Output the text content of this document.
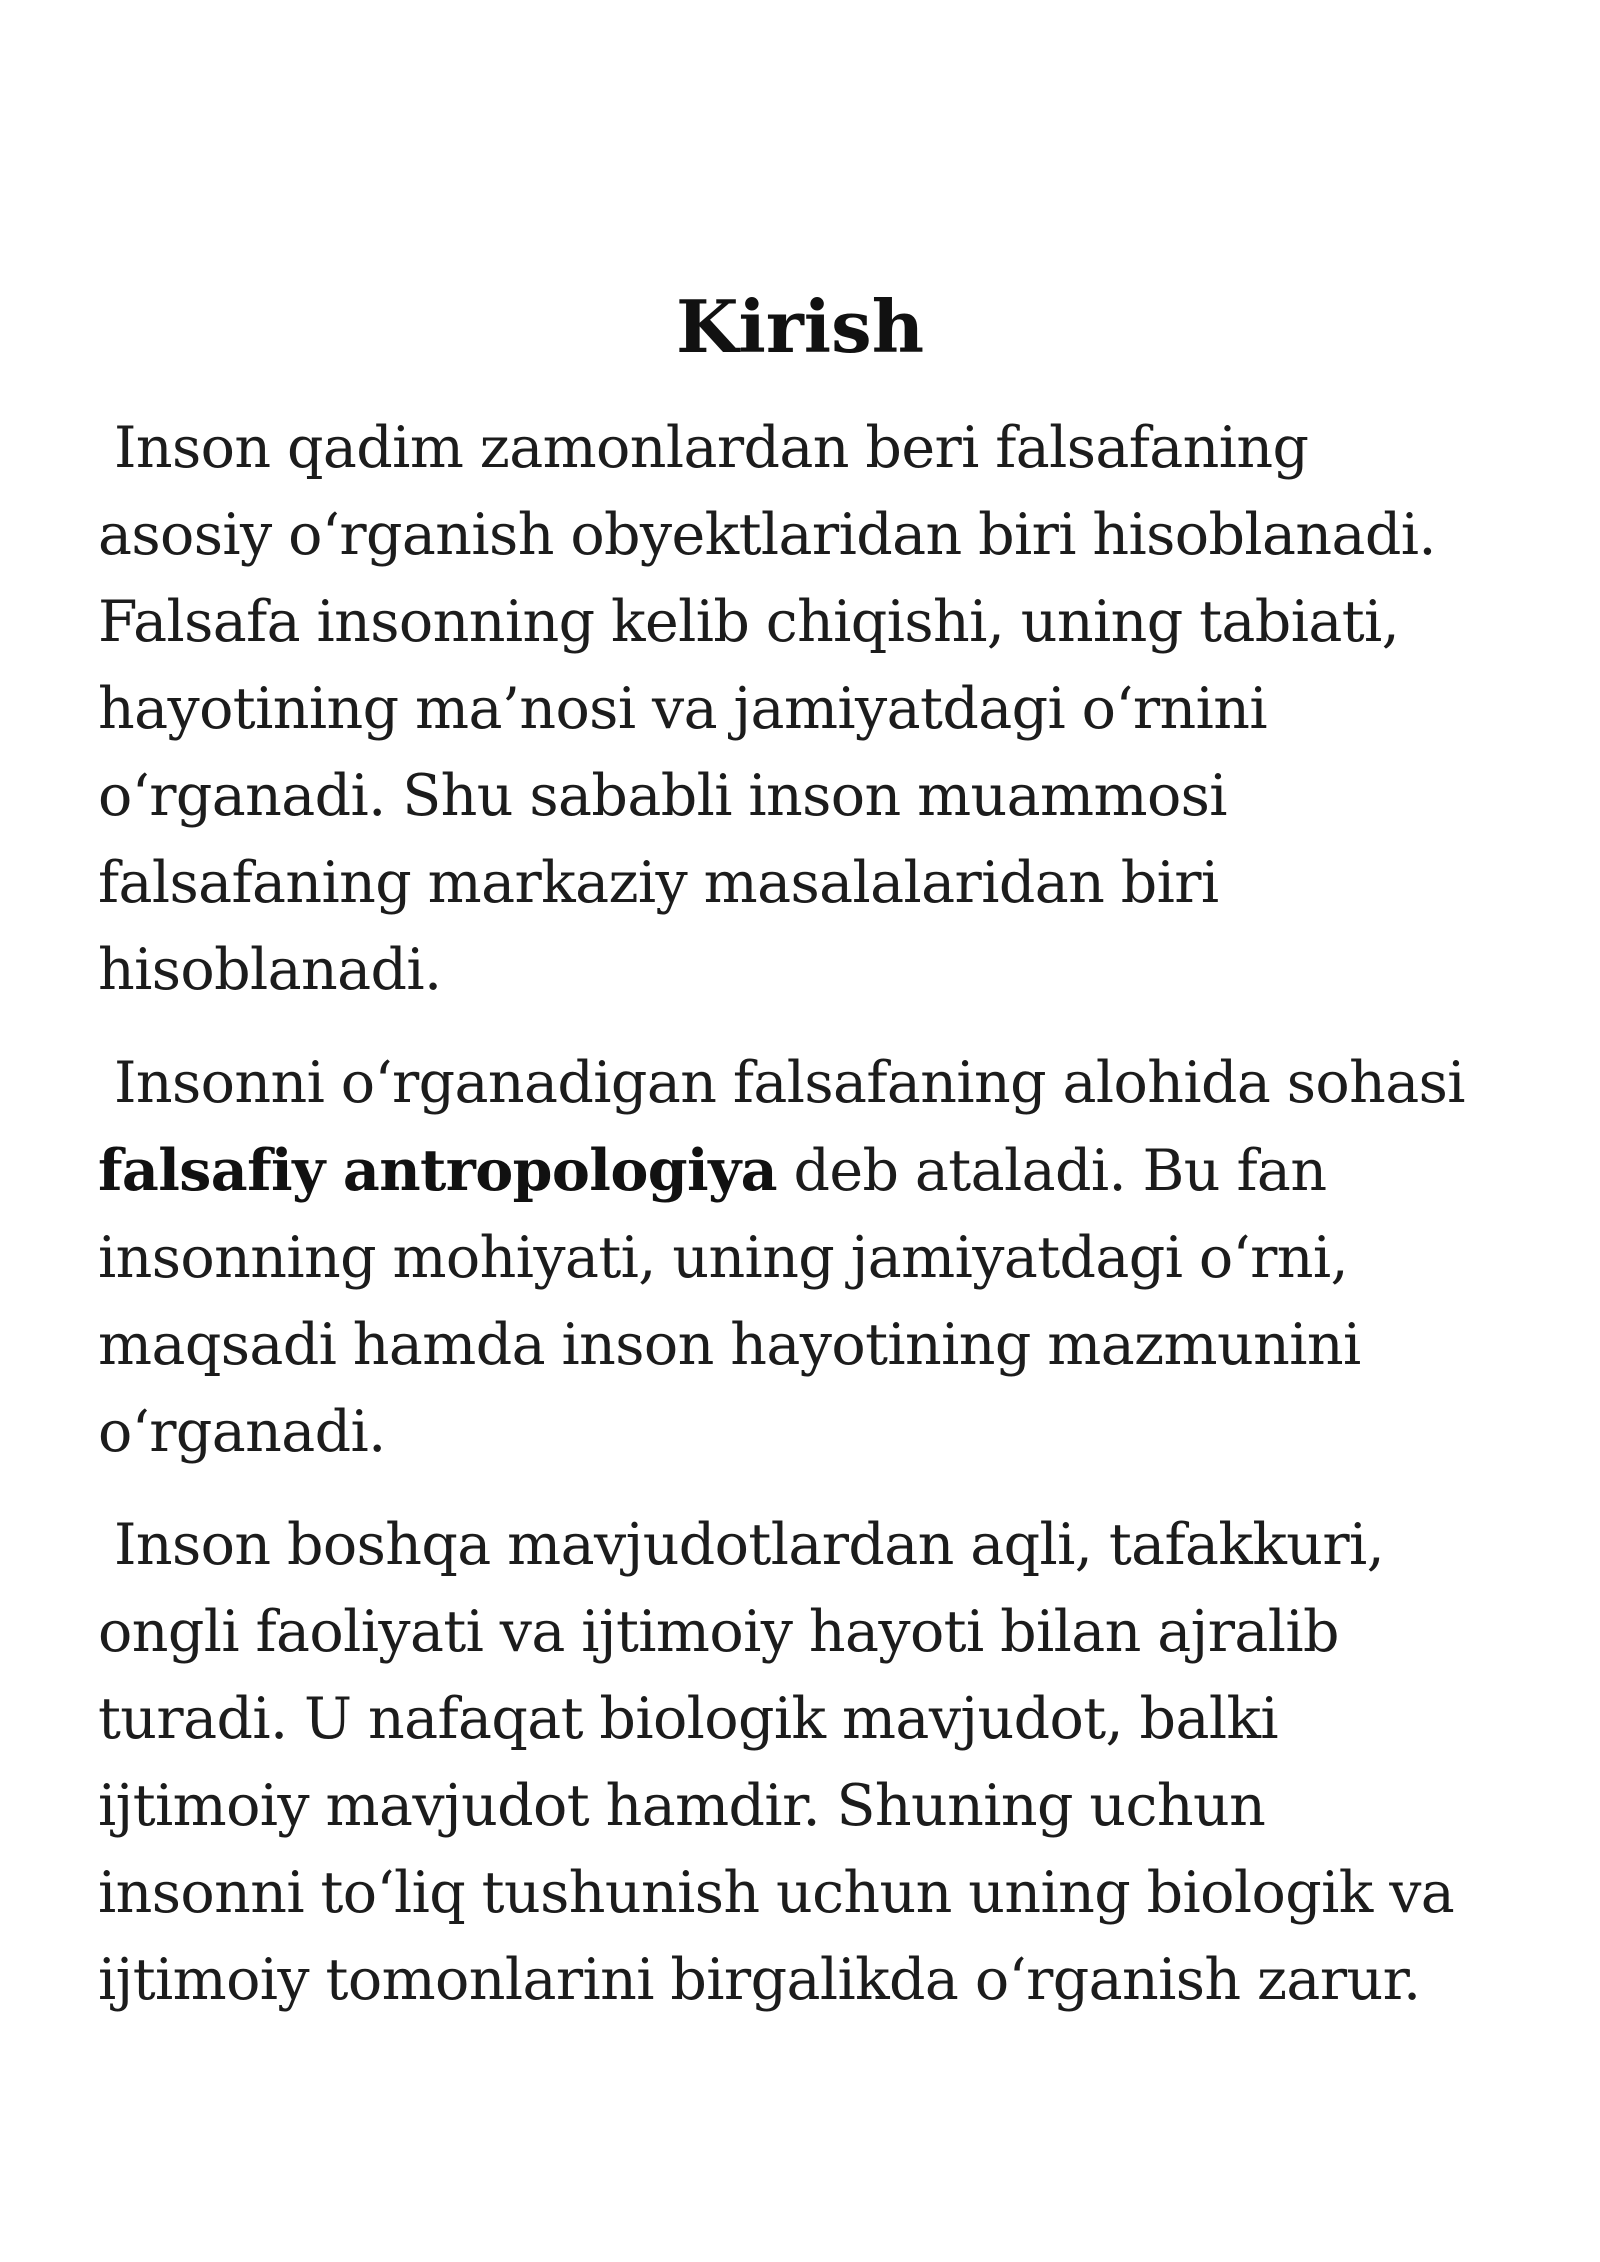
Kirish

Inson qadim zamonlardan beri falsafaning
asosiy o‘rganish obyektlaridan biri hisoblanadi.
Falsafa insonning kelib chiqishi, uning tabiati,
hayotining ma’nosi va jamiyatdagi o‘rnini
o‘rganadi. Shu sababli inson muammosi
falsafaning markaziy masalalaridan biri
hisoblanadi.

Insonni o‘rganadigan falsafaning alohida sohasi
falsafiy antropologiya deb ataladi. Bu fan
insonning mohiyati, uning jamiyatdagi o‘rni,
maqsadi hamda inson hayotining mazmunini
o‘rganadi.

Inson boshqa mavjudotlardan aqli, tafakkuri,
ongli faoliyati va ijtimoiy hayoti bilan ajralib
turadi. U nafaqat biologik mavjudot, balki
ijtimoiy mavjudot hamdir. Shuning uchun
insonni to‘liq tushunish uchun uning biologik va
ijtimoiy tomonlarini birgalikda o‘rganish zarur.
